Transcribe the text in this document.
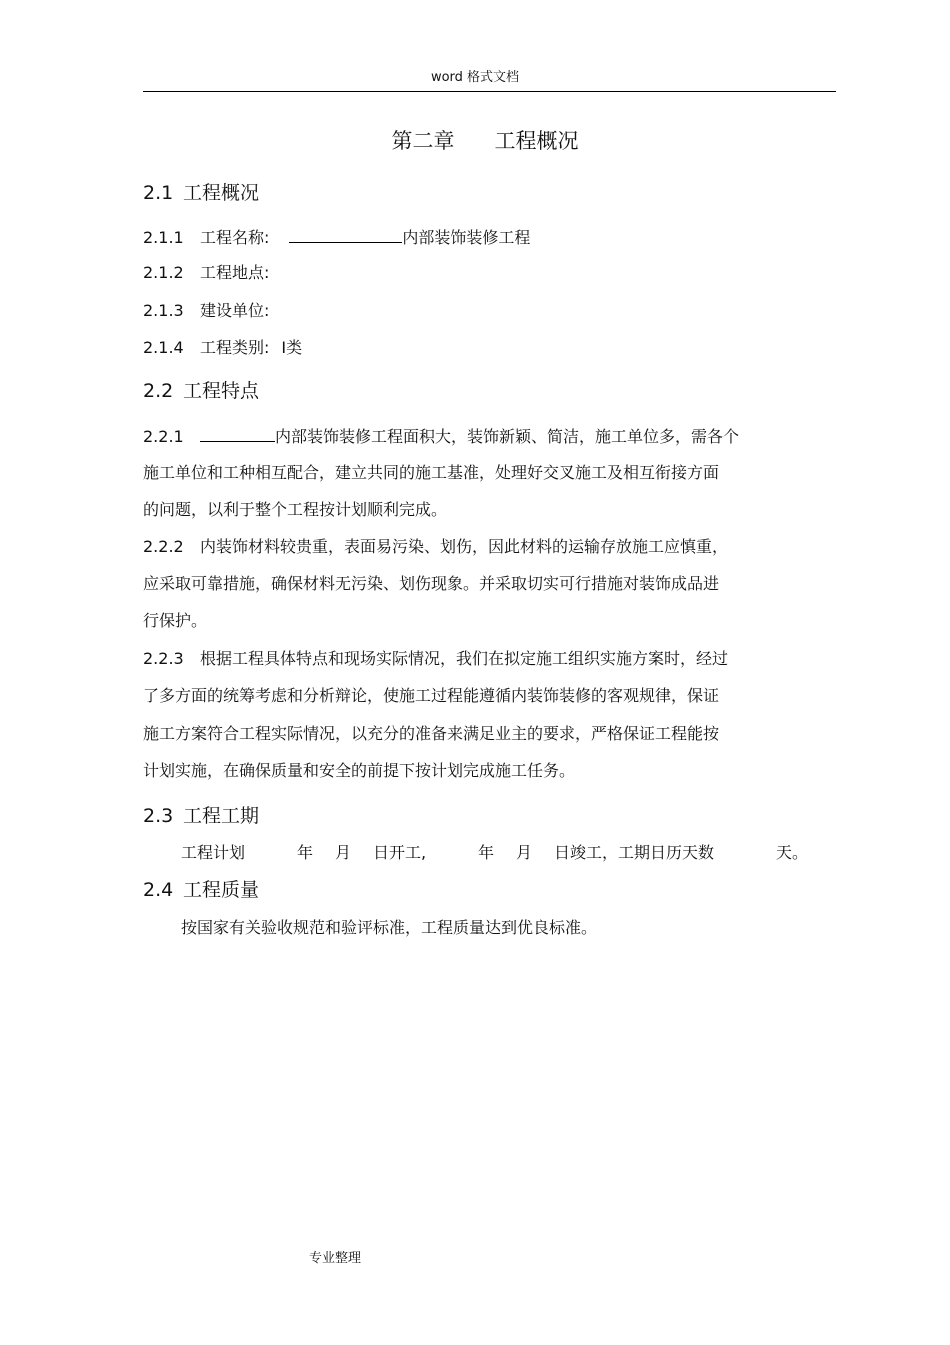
word 格式文档
第二章      工程概况
2.1 工程概况
2.1.1 工程名称:	内部装饰装修工程
2.1.2 工程地点:
2.1.3 建设单位:
2.1.4 工程类别: Ⅰ类
2.2 工程特点
2.2.1	内部装饰装修工程面积大，装饰新颖、简洁，施工单位多，需各个
施工单位和工种相互配合，建立共同的施工基准，处理好交叉施工及相互衔接方面
的问题，以利于整个工程按计划顺利完成。
2.2.2 内装饰材料较贵重，表面易污染、划伤，因此材料的运输存放施工应慎重，
应采取可靠措施，确保材料无污染、划伤现象。并采取切实可行措施对装饰成品进
行保护。
2.2.3 根据工程具体特点和现场实际情况，我们在拟定施工组织实施方案时，经过
了多方面的统筹考虑和分析辩论，使施工过程能遵循内装饰装修的客观规律，保证
施工方案符合工程实际情况，以充分的准备来满足业主的要求，严格保证工程能按
计划实施，在确保质量和安全的前提下按计划完成施工任务。
2.3 工程工期
工程计划	年 月 日开工,	年 月 日竣工，工期日历天数	天。
2.4 工程质量
按国家有关验收规范和验评标准，工程质量达到优良标准。
专业整理
